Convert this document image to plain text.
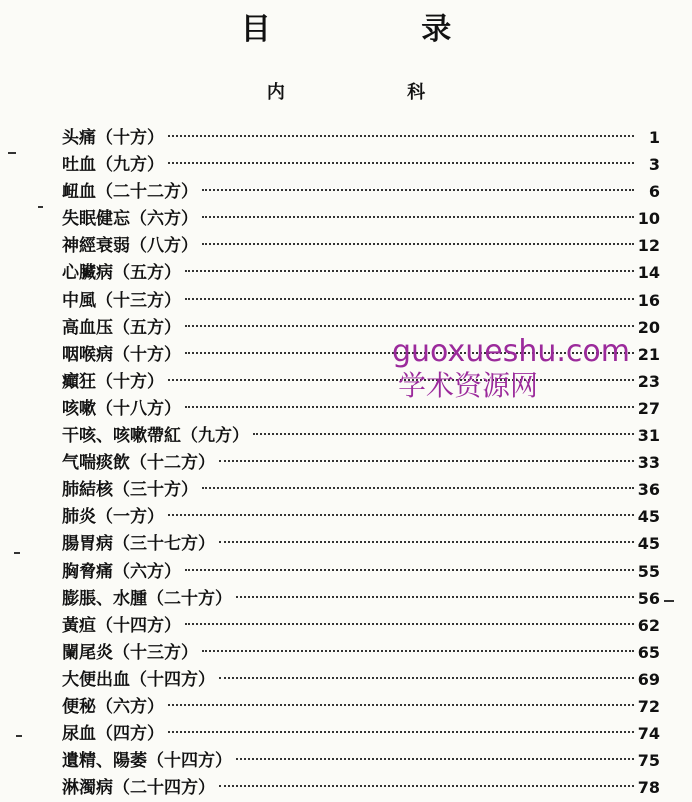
目 录
内 科
头痛（十方）	1
吐血（九方）	3
衄血（二十二方）	6
失眠健忘（六方）	10
神經衰弱（八方）	12
心臟病（五方）	14
中風（十三方）	16
高血压（五方）	20
咽喉病（十方）	21
癲狂（十方）	23
咳嗽（十八方）	27
干咳、咳嗽帶紅（九方）	31
气喘痰飲（十二方）	33
肺結核（三十方）	36
肺炎（一方）	45
腸胃病（三十七方）	45
胸脅痛（六方）	55
膨脹、水腫（二十方）	56
黃疸（十四方）	62
闌尾炎（十三方）	65
大便出血（十四方）	69
便秘（六方）	72
尿血（四方）	74
遺精、陽萎（十四方）	75
淋濁病（二十四方）	78
guoxueshu.com
学术资源网
